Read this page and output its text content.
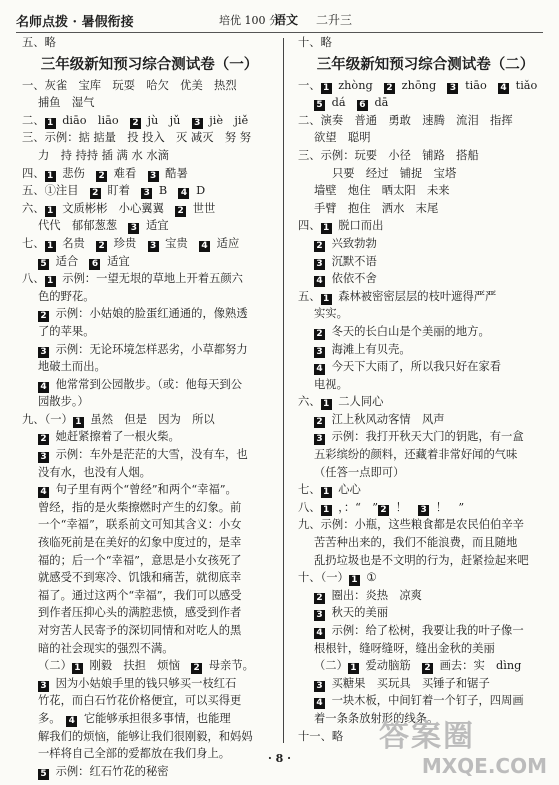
名师点拨 · 暑假衔接	培优 100 分
语文 二升三
五、略
三年级新知预习综合测试卷（一）
一、灰雀　宝库　玩耍　哈欠　优美　热烈
捕鱼　湿气
二、 1 diāo　liāo　2 jù　jǔ　3 jiè　jiě
三、示例：掂 掂量　投 投入　灭 减灭　努 努
力　持 持持 插 满 水 水滴
四、 1 悲伤　2 难看　3 酷暑
五、①注目　2 盯着　3 B　4 D
六、 1 文质彬彬　小心翼翼　2 世世
代代　郁郁葱葱　3 适宜
七、 1 名贵　2 珍贵　3 宝贵　4 适应
5 适合　6 适宜
八、 1 示例：一望无垠的草地上开着五颜六
色的野花。
2 示例：小姑娘的脸蛋红通通的，像熟透
了的苹果。
3 示例：无论环境怎样恶劣，小草都努力
地破土而出。
4 他常常到公园散步。（或：他每天到公
园散步。）
九、（一） 1 虽然　但是　因为　所以
2 她赶紧擦着了一根火柴。
3 示例：车外是茫茫的大雪，没有车，也
没有水，也没有人烟。
4 句子里有两个“曾经”和两个“幸福”。
曾经，指的是火柴擦燃时产生的幻象。前
一个“幸福”，联系前文可知其含义：小女
孩临死前是在美好的幻象中度过的，是幸
福的；后一个“幸福”，意思是小女孩死了
就感受不到寒冷、饥饿和痛苦，就彻底幸
福了。通过这两个“幸福”，我们可以感受
到作者压抑心头的满腔悲愤，感受到作者
对穷苦人民寄予的深切同情和对吃人的黑
暗的社会现实的强烈不满。
（二） 1 刚毅　扶担　烦恼　2 母亲节。
3 因为小姑娘手里的钱只够买一枝红石
竹花，而白石竹花价格便宜，可以买得更
多。　4 它能够承担很多事情，也能理
解我们的烦恼，能够让我们很刚毅，和妈妈
一样将自己全部的爱都放在我们身上。
5 示例：红石竹花的秘密
十、略
三年级新知预习综合测试卷（二）
一、 1 zhòng　2 zhōng　3 tiāo　4 tiǎo
5 dá　6 dā
二、演奏　普通　勇敢　速腾　流泪　指挥
欲望　聪明
三、示例：玩要　小径　铺路　搭船
只要　经过　铺捉　宝塔
墙壁　炮住　晒太阳　未来
手臂　抱住　洒水　末尾
四、 1 脱口而出
2 兴致勃勃
3 沉默不语
4 依依不舍
五、 1 森林被密密层层的枝叶遮得严严
实实。
2 冬天的长白山是个美丽的地方。
3 海滩上有贝壳。
4 今天下大雨了，所以我只好在家看
电视。
六、 1 二人同心
2 江上秋风动客情　风声
3 示例：我打开秋天大门的钥匙，有一盒
五彩缤纷的颜料，还藏着非常好闻的气味
（任答一点即可）
七、 1 心心
八、 1 ，：“　” 2 ！　3 ！　”
九、示例：小瓶，这些粮食都是农民伯伯辛辛
苦苦种出来的，我们不能浪费，而且随地
乱扔垃圾也是不文明的行为，赶紧捡起来吧
十、（一） 1 ①
2 圈出：炎热　凉爽
3 秋天的美丽
4 示例：给了松树，我要让我的叶子像一
根根针，缝呀缝呀，缝出金秋的美丽
（二） 1 爱动脑筋　2 画去：实　dìng
3 买糖果　买玩具　买锤子和锯子
4 一块木板，中间钉着一个钉子，四周画
着一条条放射形的线条。
十一、略
· 8 ·
答案圈
MXQE.COM
